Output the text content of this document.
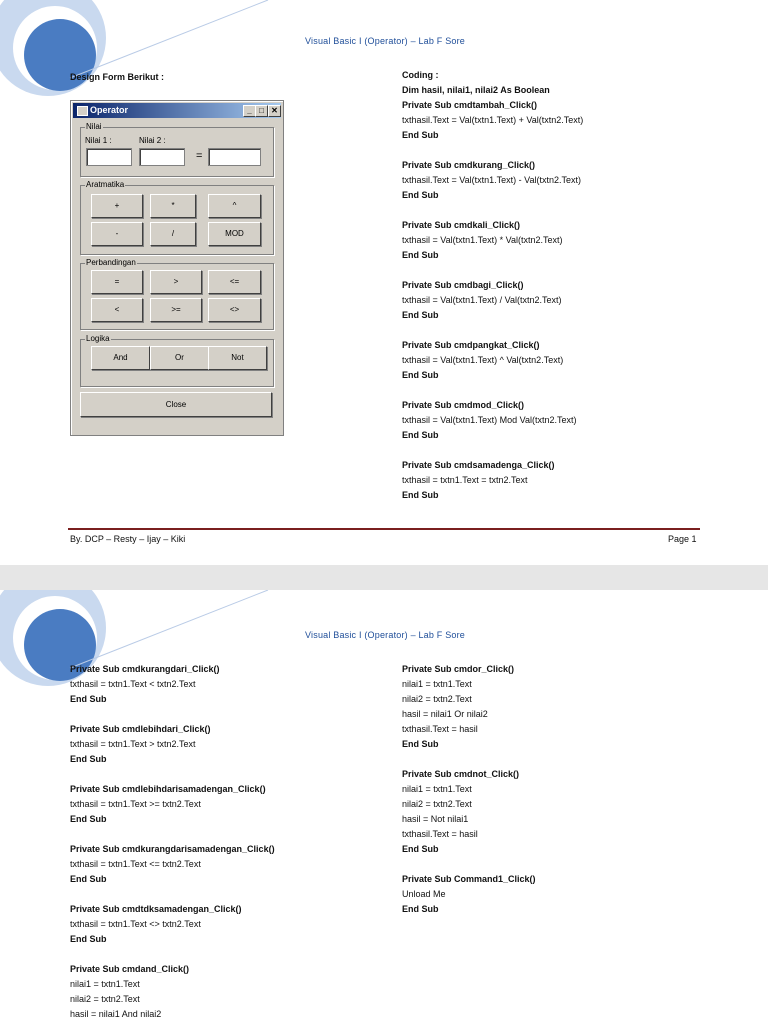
Visual Basic I (Operator) – Lab F Sore
Design Form Berikut :
Operator	_ □ ✕
Nilai
Nilai 1 :	Nilai 2 :
=
Aratmatika
+	*	^
-	/	MOD
Perbandingan
=	>	<=
<	>=	<>
Logika
And	Or	Not
Close
Coding :
Dim hasil, nilai1, nilai2 As Boolean
Private Sub cmdtambah_Click()
txthasil.Text = Val(txtn1.Text) + Val(txtn2.Text)
End Sub
Private Sub cmdkurang_Click()
txthasil.Text = Val(txtn1.Text) - Val(txtn2.Text)
End Sub
Private Sub cmdkali_Click()
txthasil = Val(txtn1.Text) * Val(txtn2.Text)
End Sub
Private Sub cmdbagi_Click()
txthasil = Val(txtn1.Text) / Val(txtn2.Text)
End Sub
Private Sub cmdpangkat_Click()
txthasil = Val(txtn1.Text) ^ Val(txtn2.Text)
End Sub
Private Sub cmdmod_Click()
txthasil = Val(txtn1.Text) Mod Val(txtn2.Text)
End Sub
Private Sub cmdsamadenga_Click()
txthasil = txtn1.Text = txtn2.Text
End Sub
By. DCP – Resty – Ijay – Kiki	Page 1
Visual Basic I (Operator) – Lab F Sore
Private Sub cmdkurangdari_Click()
txthasil = txtn1.Text < txtn2.Text
End Sub
Private Sub cmdlebihdari_Click()
txthasil = txtn1.Text > txtn2.Text
End Sub
Private Sub cmdlebihdarisamadengan_Click()
txthasil = txtn1.Text >= txtn2.Text
End Sub
Private Sub cmdkurangdarisamadengan_Click()
txthasil = txtn1.Text <= txtn2.Text
End Sub
Private Sub cmdtdksamadengan_Click()
txthasil = txtn1.Text <> txtn2.Text
End Sub
Private Sub cmdand_Click()
nilai1 = txtn1.Text
nilai2 = txtn2.Text
hasil = nilai1 And nilai2
Private Sub cmdor_Click()
nilai1 = txtn1.Text
nilai2 = txtn2.Text
hasil = nilai1 Or nilai2
txthasil.Text = hasil
End Sub
Private Sub cmdnot_Click()
nilai1 = txtn1.Text
nilai2 = txtn2.Text
hasil = Not nilai1
txthasil.Text = hasil
End Sub
Private Sub Command1_Click()
Unload Me
End Sub
